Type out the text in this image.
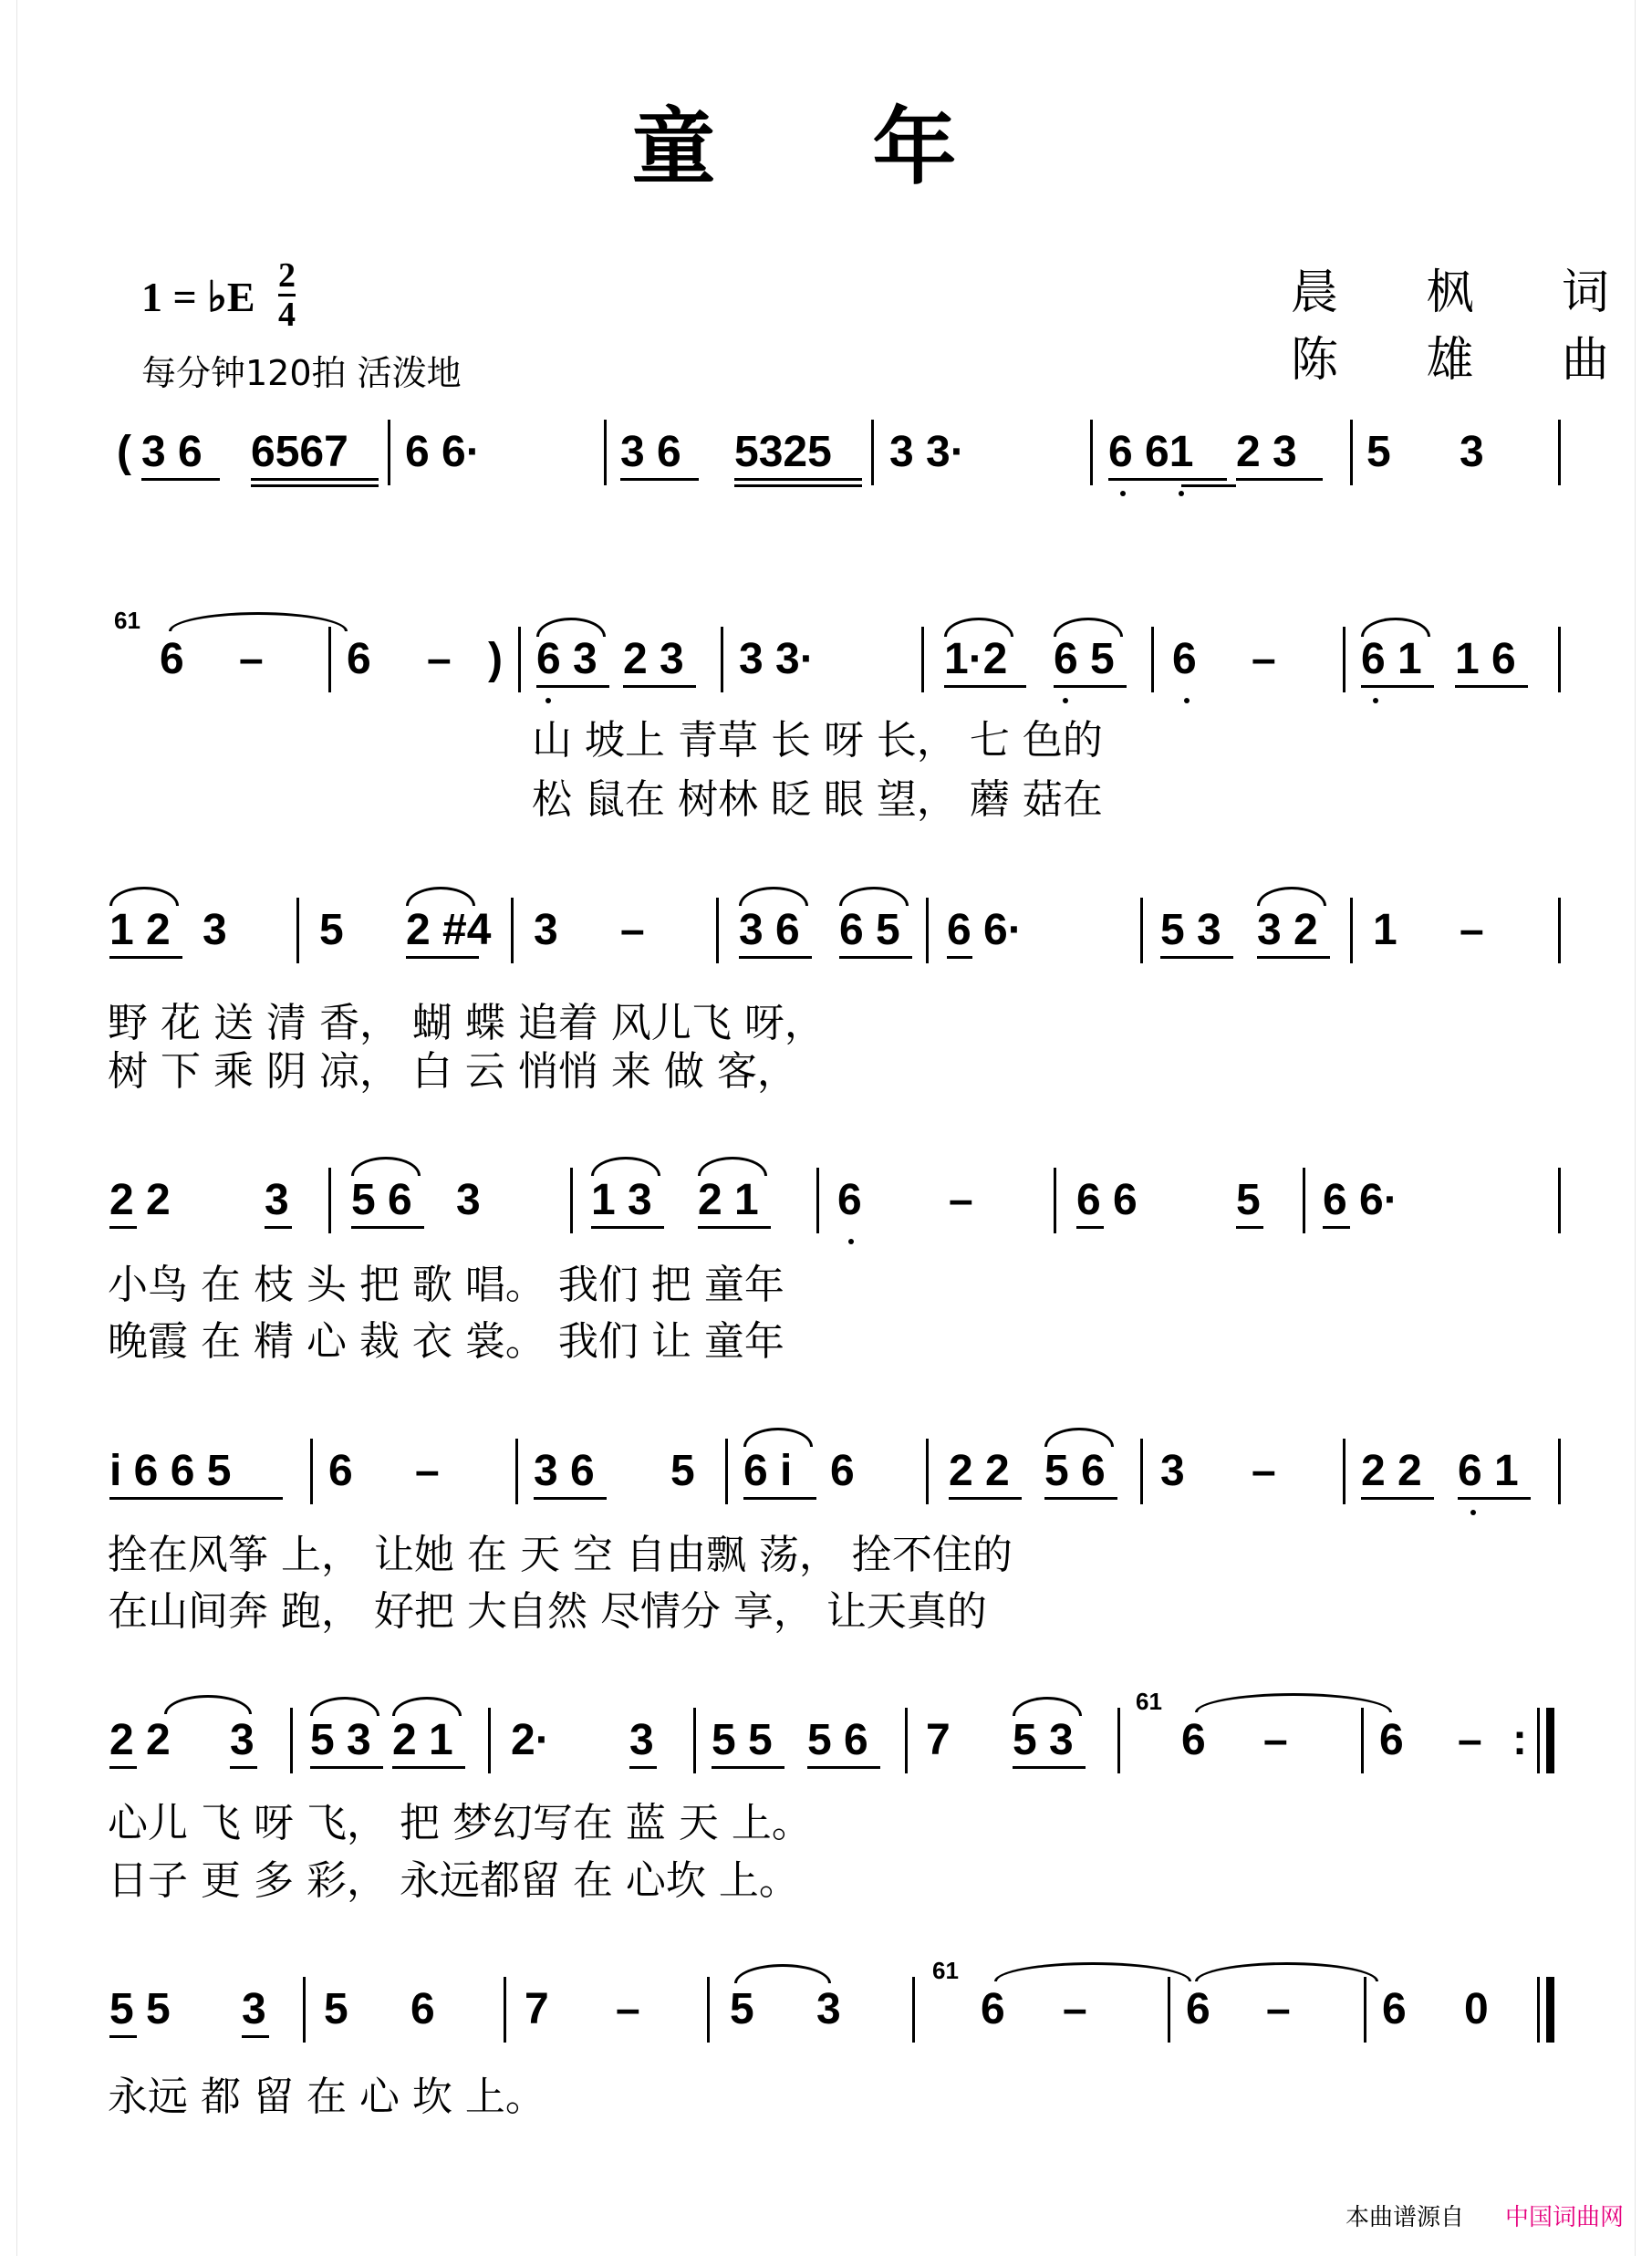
童 年
1 = ♭E 2
4
每分钟120拍 活泼地
晨 枫 词
陈 雄 曲
( 3 6 6567 6 6·	3 6 5325 3 3·	6 61 2 3 5 3
61
6 – 6 – ) 6 3 2 3 3 3·	1·2 6 5 6 – 6 1 1 6
山 坡上 青草 长 呀 长， 七 色的
松 鼠在 树林 眨 眼 望， 蘑 菇在
1 2 3 5 2 #4 3 – 3 6 6 5 6 6·	5 3 3 2 1 –
野 花 送 清 香， 蝴 蝶 追着 风儿飞 呀，
树 下 乘 阴 凉， 白 云 悄悄 来 做 客，
2 2 3 5 6 3	1 3 2 1 6 – 6 6 5 6 6·
小鸟 在 枝 头 把 歌 唱。 我们 把 童年
晚霞 在 精 心 裁 衣 裳。 我们 让 童年
i 6 6 5 6 – 3 6 5 6 i 6 2 2 5 6 3 – 2 2 6 1
拴在风筝 上， 让她 在 天 空 自由飘 荡， 拴不住的
在山间奔 跑， 好把 大自然 尽情分 享， 让天真的
2 2 3 5 3 2 1 2· 3 5 5 5 6 7 5 3
61
6 – 6 – :
心儿 飞 呀 飞， 把 梦幻写在 蓝 天 上。
日子 更 多 彩， 永远都留 在 心坎 上。
5 5 3 5 6 7 – 5 3
61
6 – 6 – 6 0
永远 都 留 在 心 坎 上。
本曲谱源自 中国词曲网
